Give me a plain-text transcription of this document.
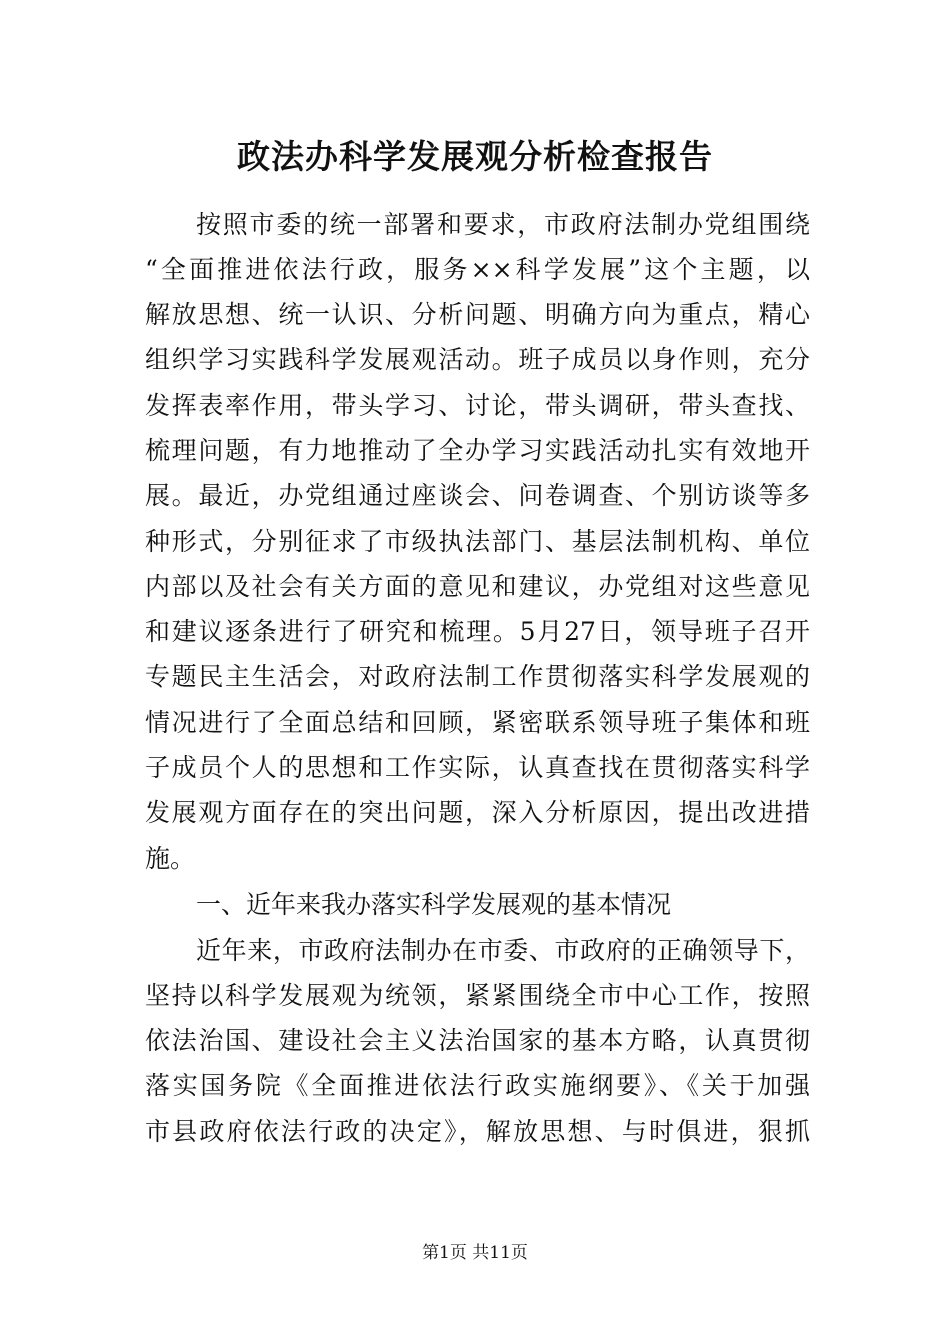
政法办科学发展观分析检查报告
按照市委的统一部署和要求，市政府法制办党组围绕
“全面推进依法行政，服务××科学发展”这个主题，以
解放思想、统一认识、分析问题、明确方向为重点，精心
组织学习实践科学发展观活动。班子成员以身作则，充分
发挥表率作用，带头学习、讨论，带头调研，带头查找、
梳理问题，有力地推动了全办学习实践活动扎实有效地开
展。最近，办党组通过座谈会、问卷调查、个别访谈等多
种形式，分别征求了市级执法部门、基层法制机构、单位
内部以及社会有关方面的意见和建议，办党组对这些意见
和建议逐条进行了研究和梳理。5月27日，领导班子召开
专题民主生活会，对政府法制工作贯彻落实科学发展观的
情况进行了全面总结和回顾，紧密联系领导班子集体和班
子成员个人的思想和工作实际，认真查找在贯彻落实科学
发展观方面存在的突出问题，深入分析原因，提出改进措
施。
一、近年来我办落实科学发展观的基本情况
近年来，市政府法制办在市委、市政府的正确领导下，
坚持以科学发展观为统领，紧紧围绕全市中心工作，按照
依法治国、建设社会主义法治国家的基本方略，认真贯彻
落实国务院《全面推进依法行政实施纲要》、《关于加强
市县政府依法行政的决定》，解放思想、与时俱进，狠抓
第1页 共11页
